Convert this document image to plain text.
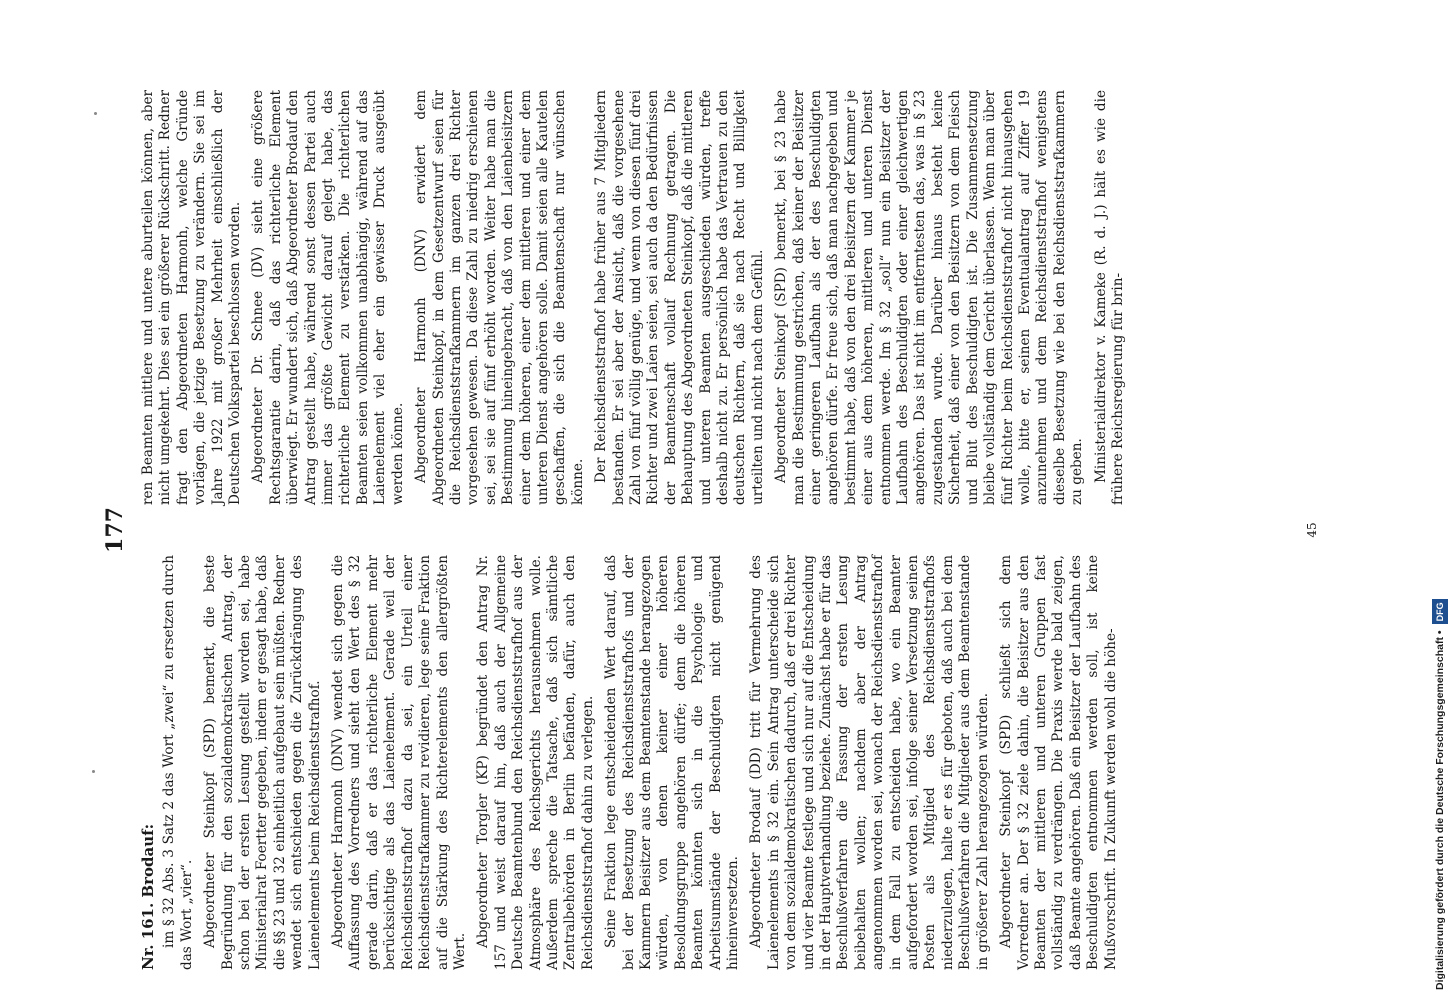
177
Nr. 161. Brodauf: im § 32 Abs. 3 Satz 2 das Wort „zwei“ zu ersetzen durch das Wort „vier“. Abgeordneter Steinkopf (SPD) bemerkt, die beste Begründung für den sozialdemokratischen Antrag, der schon bei der ersten Lesung gestellt worden sei, habe Ministerialrat Foertter gegeben, indem er gesagt habe, daß die §§ 23 und 32 einheitlich aufgebaut sein müßten. Redner wendet sich entschieden gegen die Zurückdrängung des Laienelements beim Reichsdienststrafhof. Abgeordneter Harmonh (DNV) wendet sich gegen die Auffassung des Vorredners und sieht den Wert des § 32 gerade darin, daß er das richterliche Element mehr berücksichtige als das Laienelement. Gerade weil der Reichsdienststrafhof dazu da sei, ein Urteil einer Reichsdienststrafkammer zu revidieren, lege seine Fraktion auf die Stärkung des Richterelements den allergrößten Wert.

Abgeordneter Torgler (KP) begründet den Antrag Nr. 157 und weist darauf hin, daß auch der Allgemeine Deutsche Beamtenbund den Reichsdienststrafhof aus der Atmosphäre des Reichsgerichts herausnehmen wolle. Außerdem spreche die Tatsache, daß sich sämtliche Zentralbehörden in Berlin befänden, dafür, auch den Reichsdienststrafhof dahin zu verlegen. Seine Fraktion lege entscheidenden Wert darauf, daß bei der Besetzung des Reichsdienststrafhofs und der Kammern Beisitzer aus dem Beamtenstande herangezogen würden, von denen keiner einer höheren Besoldungsgruppe angehören dürfe; denn die höheren Beamten könnten sich in die Psychologie und Arbeitsumstände der Beschuldigten nicht genügend hineinversetzen. Abgeordneter Brodauf (DD) tritt für Vermehrung des Laienelements in § 32 ein. Sein Antrag unterscheide sich von dem sozialdemokratischen dadurch, daß er drei Richter und vier Beamte festlege und sich nur auf die Entscheidung in der Hauptverhandlung beziehe. Zunächst habe er für das Beschlußverfahren die Fassung der ersten Lesung beibehalten wollen; nachdem aber der Antrag angenommen worden sei, wonach der Reichsdienststrafhof in dem Fall zu entscheiden habe, wo ein Beamter aufgefordert worden sei, infolge seiner Versetzung seinen Posten als Mitglied des Reichsdienststrafhofs niederzulegen, halte er es für geboten, daß auch bei dem Beschlußverfahren die Mitglieder aus dem Beamtenstande in größerer Zahl herangezogen würden. Abgeordneter Steinkopf (SPD) schließt sich dem Vorredner an. Der § 32 ziele dahin, die Beisitzer aus den Beamten der mittleren und unteren Gruppen fast vollständig zu verdrängen. Die Praxis werde bald zeigen, daß Beamte angehören. Daß ein Beisitzer der Laufbahn des Beschuldigten entnommen werden soll, ist keine Mußvorschrift. In Zukunft werden wohl die höhe-

ren Beamten mittlere und untere aburteilen können, aber nicht umgekehrt. Dies sei ein größerer Rückschritt. Redner fragt den Abgeordneten Harmonh, welche Gründe vorlägen, die jetzige Besetzung zu verändern. Sie sei im Jahre 1922 mit großer Mehrheit einschließlich der Deutschen Volkspartei beschlossen worden. Abgeordneter Dr. Schnee (DV) sieht eine größere Rechtsgarantie darin, daß das richterliche Element überwiegt. Er wundert sich, daß Abgeordneter Brodauf den Antrag gestellt habe, während sonst dessen Partei auch immer das größte Gewicht darauf gelegt habe, das richterliche Element zu verstärken. Die richterlichen Beamten seien vollkommen unabhängig, während auf das Laienelement viel eher ein gewisser Druck ausgeübt werden könne. Abgeordneter Harmonh (DNV) erwidert dem Abgeordneten Steinkopf, in dem Gesetzentwurf seien für die Reichsdienststrafkammern im ganzen drei Richter vorgesehen gewesen. Da diese Zahl zu niedrig erschienen sei, sei sie auf fünf erhöht worden. Weiter habe man die Bestimmung hineingebracht, daß von den Laienbeisitzern einer dem höheren, einer dem mittleren und einer dem unteren Dienst angehören solle. Damit seien alle Kautelen geschaffen, die sich die Beamtenschaft nur wünschen könne. Der Reichsdienststrafhof habe früher aus 7 Mitgliedern bestanden. Er sei aber der Ansicht, daß die vorgesehene Zahl von fünf völlig genüge, und wenn von diesen fünf drei Richter und zwei Laien seien, sei auch da den Bedürfnissen der Beamtenschaft vollauf Rechnung getragen. Die Behauptung des Abgeordneten Steinkopf, daß die mittleren und unteren Beamten ausgeschieden würden, treffe deshalb nicht zu. Er persönlich habe das Vertrauen zu den deutschen Richtern, daß sie nach Recht und Billigkeit urteilten und nicht nach dem Gefühl. Abgeordneter Steinkopf (SPD) bemerkt, bei § 23 habe man die Bestimmung gestrichen, daß keiner der Beisitzer einer geringeren Laufbahn als der des Beschuldigten angehören dürfe. Er freue sich, daß man nachgegeben und bestimmt habe, daß von den drei Beisitzern der Kammer je einer aus dem höheren, mittleren und unteren Dienst entnommen werde. Im § 32 „soll“ nun ein Beisitzer der Laufbahn des Beschuldigten oder einer gleichwertigen angehören. Das ist nicht im entferntesten das, was in § 23 zugestanden wurde. Darüber hinaus besteht keine Sicherheit, daß einer von den Beisitzern von dem Fleisch und Blut des Beschuldigten ist. Die Zusammensetzung bleibe vollständig dem Gericht überlassen. Wenn man über fünf Richter beim Reichsdienststrafhof nicht hinausgehen wolle, bitte er, seinen Eventualantrag auf Ziffer 19 anzunehmen und dem Reichsdienststrafhof wenigstens dieselbe Besetzung wie bei den Reichsdienststrafkammern zu geben. Ministerialdirektor v. Kameke (R. d. J.) hält es wie die frühere Reichsregierung für brin-

45
Digitalisierung gefördert durch die Deutsche Forschungsgemeinschaft •DFG
